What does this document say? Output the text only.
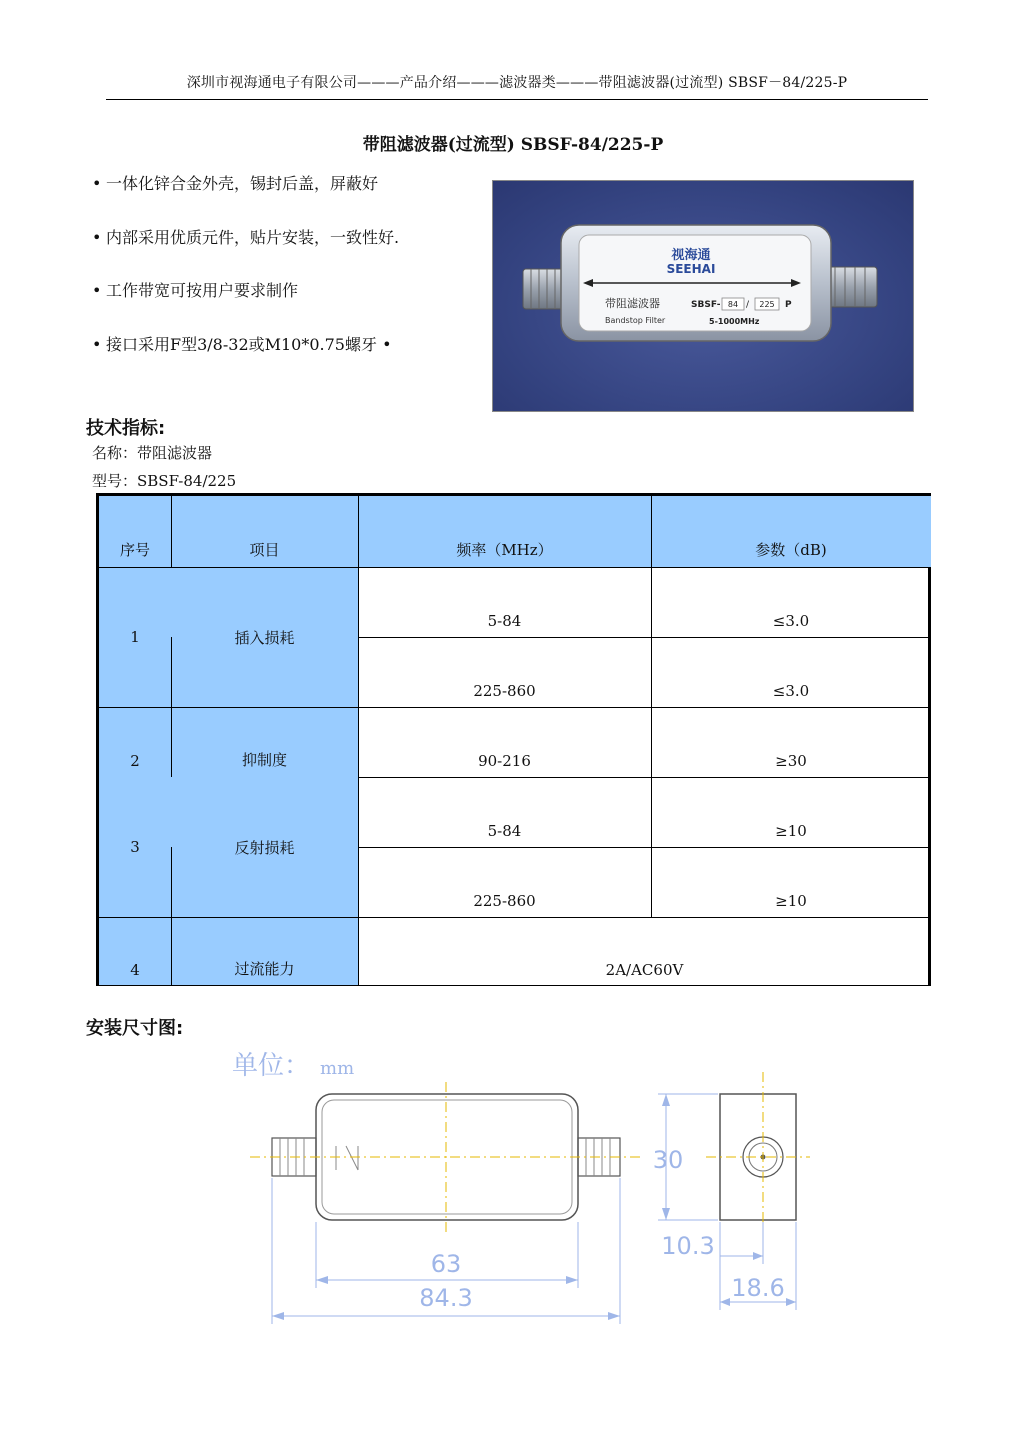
深圳市视海通电子有限公司———产品介绍———滤波器类———带阻滤波器(过流型) SBSF－84/225-P
带阻滤波器(过流型) SBSF-84/225-P
• 一体化锌合金外壳，锡封后盖，屏蔽好
• 内部采用优质元件，贴片安装，一致性好.
• 工作带宽可按用户要求制作
• 接口采用F型3/8-32或M10*0.75螺牙 •
视海通
SEEHAI
带阻滤波器
Bandstop Filter
SBSF- 84 / 225 P
5-1000MHz
技术指标:
名称：带阻滤波器
型号：SBSF-84/225
序号	项目	频率（MHz）	参数（dB)
1	插入损耗
5-84	≤3.0
225-860	≤3.0
2	抑制度	90-216	≥30
3	反射损耗
5-84	≥10
225-860	≥10
4	过流能力	2A/AC60V
安装尺寸图:
单位： mm
63
84.3
30
10.3
18.6
